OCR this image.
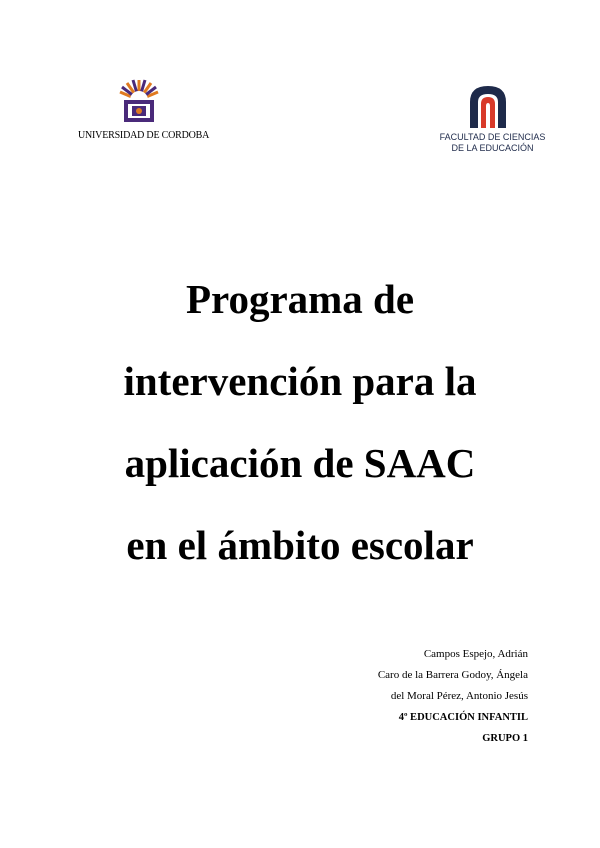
UNIVERSIDAD DE CORDOBA	FACULTAD DE CIENCIAS
DE LA EDUCACIÓN
Programa de
intervención para la
aplicación de SAAC
en el ámbito escolar
Campos Espejo, Adrián
Caro de la Barrera Godoy, Ángela
del Moral Pérez, Antonio Jesús
4º EDUCACIÓN INFANTIL
GRUPO 1
